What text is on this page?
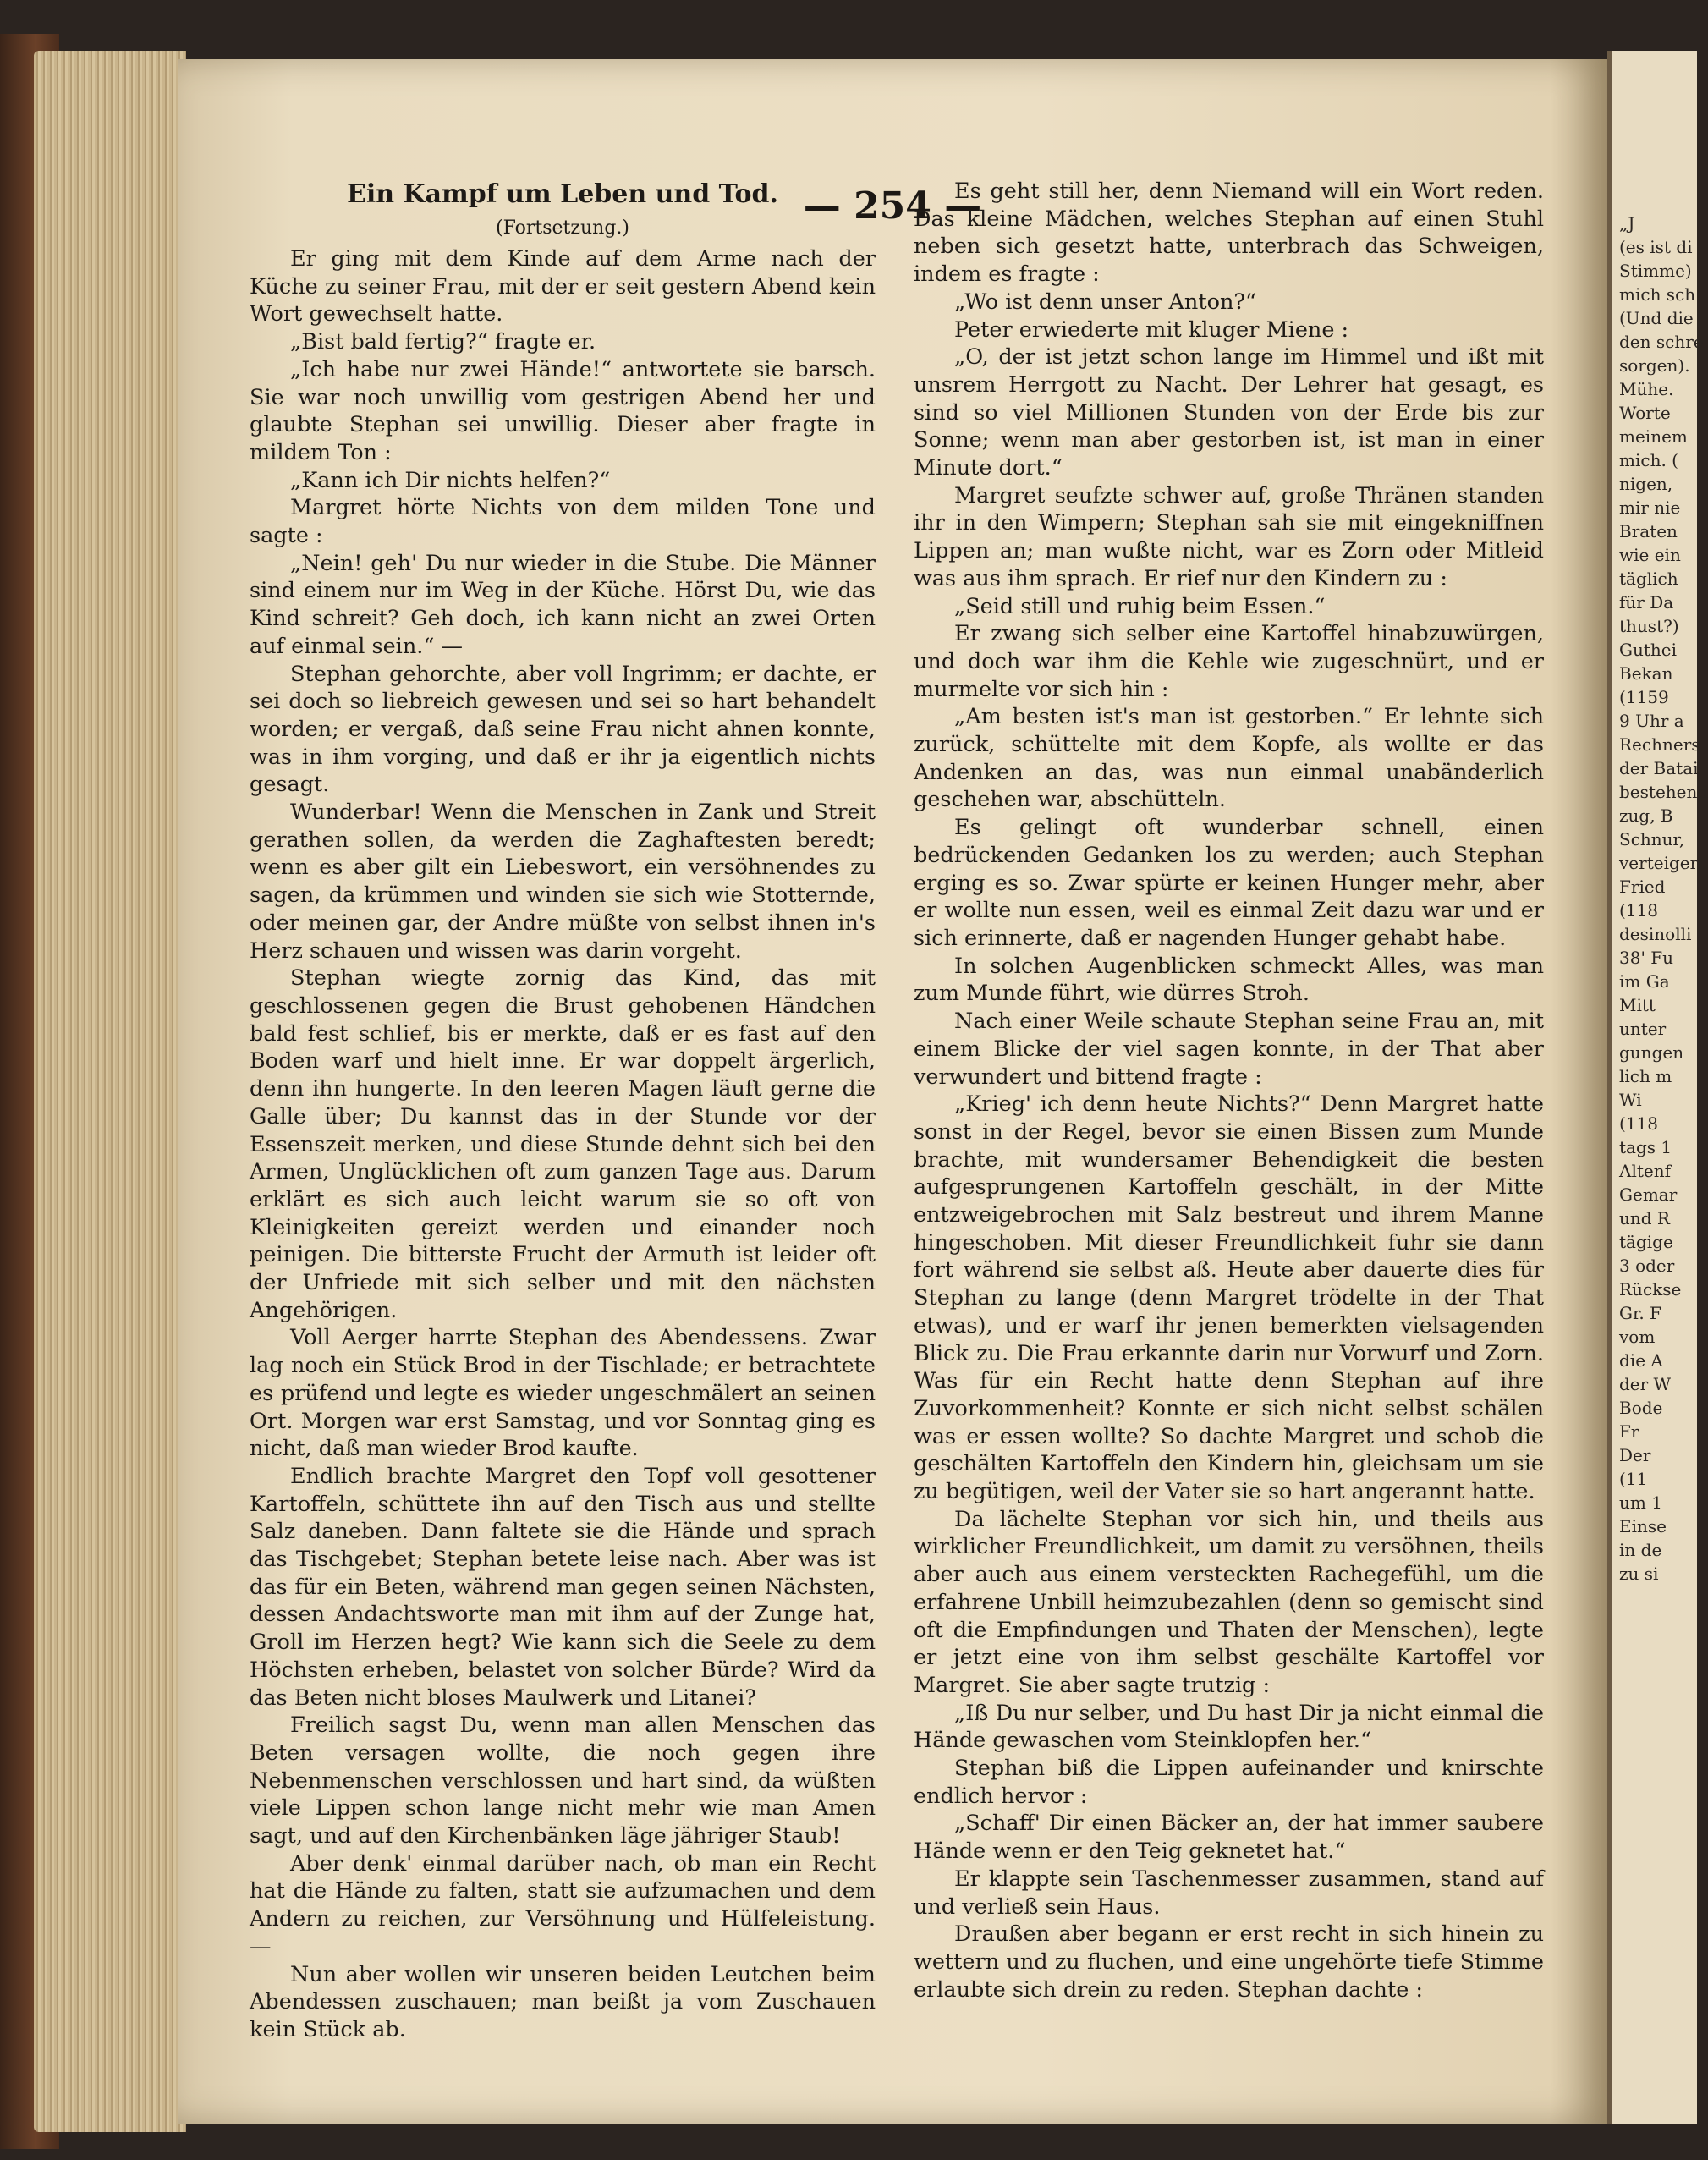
— 254 —
Ein Kampf um Leben und Tod.
(Fortsetzung.)

Er ging mit dem Kinde auf dem Arme nach der Küche zu seiner Frau, mit der er seit gestern Abend kein Wort gewechselt hatte.

„Bist bald fertig?“ fragte er.

„Ich habe nur zwei Hände!“ antwortete sie barsch. Sie war noch unwillig vom gestrigen Abend her und glaubte Stephan sei unwillig. Dieser aber fragte in mildem Ton :

„Kann ich Dir nichts helfen?“

Margret hörte Nichts von dem milden Tone und sagte :

„Nein! geh' Du nur wieder in die Stube. Die Männer sind einem nur im Weg in der Küche. Hörst Du, wie das Kind schreit? Geh doch, ich kann nicht an zwei Orten auf einmal sein.“ —

Stephan gehorchte, aber voll Ingrimm; er dachte, er sei doch so liebreich gewesen und sei so hart behandelt worden; er vergaß, daß seine Frau nicht ahnen konnte, was in ihm vorging, und daß er ihr ja eigentlich nichts gesagt.

Wunderbar! Wenn die Menschen in Zank und Streit gerathen sollen, da werden die Zaghaftesten beredt; wenn es aber gilt ein Liebeswort, ein versöhnendes zu sagen, da krümmen und winden sie sich wie Stotternde, oder meinen gar, der Andre müßte von selbst ihnen in's Herz schauen und wissen was darin vorgeht.

Stephan wiegte zornig das Kind, das mit geschlossenen gegen die Brust gehobenen Händchen bald fest schlief, bis er merkte, daß er es fast auf den Boden warf und hielt inne. Er war doppelt ärgerlich, denn ihn hungerte. In den leeren Magen läuft gerne die Galle über; Du kannst das in der Stunde vor der Essenszeit merken, und diese Stunde dehnt sich bei den Armen, Unglücklichen oft zum ganzen Tage aus. Darum erklärt es sich auch leicht warum sie so oft von Kleinigkeiten gereizt werden und einander noch peinigen. Die bitterste Frucht der Armuth ist leider oft der Unfriede mit sich selber und mit den nächsten Angehörigen.

Voll Aerger harrte Stephan des Abendessens. Zwar lag noch ein Stück Brod in der Tischlade; er betrachtete es prüfend und legte es wieder ungeschmälert an seinen Ort. Morgen war erst Samstag, und vor Sonntag ging es nicht, daß man wieder Brod kaufte.

Endlich brachte Margret den Topf voll gesottener Kartoffeln, schüttete ihn auf den Tisch aus und stellte Salz daneben. Dann faltete sie die Hände und sprach das Tischgebet; Stephan betete leise nach. Aber was ist das für ein Beten, während man gegen seinen Nächsten, dessen Andachtsworte man mit ihm auf der Zunge hat, Groll im Herzen hegt? Wie kann sich die Seele zu dem Höchsten erheben, belastet von solcher Bürde? Wird da das Beten nicht bloses Maulwerk und Litanei?

Freilich sagst Du, wenn man allen Menschen das Beten versagen wollte, die noch gegen ihre Nebenmenschen verschlossen und hart sind, da wüßten viele Lippen schon lange nicht mehr wie man Amen sagt, und auf den Kirchenbänken läge jähriger Staub!

Aber denk' einmal darüber nach, ob man ein Recht hat die Hände zu falten, statt sie aufzumachen und dem Andern zu reichen, zur Versöhnung und Hülfeleistung. —

Nun aber wollen wir unseren beiden Leutchen beim Abendessen zuschauen; man beißt ja vom Zuschauen kein Stück ab.

Es geht still her, denn Niemand will ein Wort reden. Das kleine Mädchen, welches Stephan auf einen Stuhl neben sich gesetzt hatte, unterbrach das Schweigen, indem es fragte :

„Wo ist denn unser Anton?“

Peter erwiederte mit kluger Miene :

„O, der ist jetzt schon lange im Himmel und ißt mit unsrem Herrgott zu Nacht. Der Lehrer hat gesagt, es sind so viel Millionen Stunden von der Erde bis zur Sonne; wenn man aber gestorben ist, ist man in einer Minute dort.“

Margret seufzte schwer auf, große Thränen standen ihr in den Wimpern; Stephan sah sie mit eingekniffnen Lippen an; man wußte nicht, war es Zorn oder Mitleid was aus ihm sprach. Er rief nur den Kindern zu :

„Seid still und ruhig beim Essen.“

Er zwang sich selber eine Kartoffel hinabzuwürgen, und doch war ihm die Kehle wie zugeschnürt, und er murmelte vor sich hin :

„Am besten ist's man ist gestorben.“ Er lehnte sich zurück, schüttelte mit dem Kopfe, als wollte er das Andenken an das, was nun einmal unabänderlich geschehen war, abschütteln.

Es gelingt oft wunderbar schnell, einen bedrückenden Gedanken los zu werden; auch Stephan erging es so. Zwar spürte er keinen Hunger mehr, aber er wollte nun essen, weil es einmal Zeit dazu war und er sich erinnerte, daß er nagenden Hunger gehabt habe.

In solchen Augenblicken schmeckt Alles, was man zum Munde führt, wie dürres Stroh.

Nach einer Weile schaute Stephan seine Frau an, mit einem Blicke der viel sagen konnte, in der That aber verwundert und bittend fragte :

„Krieg' ich denn heute Nichts?“ Denn Margret hatte sonst in der Regel, bevor sie einen Bissen zum Munde brachte, mit wundersamer Behendigkeit die besten aufgesprungenen Kartoffeln geschält, in der Mitte entzweigebrochen mit Salz bestreut und ihrem Manne hingeschoben. Mit dieser Freundlichkeit fuhr sie dann fort während sie selbst aß. Heute aber dauerte dies für Stephan zu lange (denn Margret trödelte in der That etwas), und er warf ihr jenen bemerkten vielsagenden Blick zu. Die Frau erkannte darin nur Vorwurf und Zorn. Was für ein Recht hatte denn Stephan auf ihre Zuvorkommenheit? Konnte er sich nicht selbst schälen was er essen wollte? So dachte Margret und schob die geschälten Kartoffeln den Kindern hin, gleichsam um sie zu begütigen, weil der Vater sie so hart angerannt hatte.

Da lächelte Stephan vor sich hin, und theils aus wirklicher Freundlichkeit, um damit zu versöhnen, theils aber auch aus einem versteckten Rachegefühl, um die erfahrene Unbill heimzubezahlen (denn so gemischt sind oft die Empfindungen und Thaten der Menschen), legte er jetzt eine von ihm selbst geschälte Kartoffel vor Margret. Sie aber sagte trutzig :

„Iß Du nur selber, und Du hast Dir ja nicht einmal die Hände gewaschen vom Steinklopfen her.“

Stephan biß die Lippen aufeinander und knirschte endlich hervor :

„Schaff' Dir einen Bäcker an, der hat immer saubere Hände wenn er den Teig geknetet hat.“

Er klappte sein Taschenmesser zusammen, stand auf und verließ sein Haus.

Draußen aber begann er erst recht in sich hinein zu wettern und zu fluchen, und eine ungehörte tiefe Stimme erlaubte sich drein zu reden. Stephan dachte :

„J
(es ist di
Stimme)
mich sch
(Und die
den schre
sorgen).
Mühe.
Worte
meinem
mich. (
nigen,
mir nie
Braten
wie ein
täglich
für Da
thust?)
Guthei
Bekan
(1159
9 Uhr a
Rechners
der Batai
bestehend
zug, B
Schnur,
verteigert
Fried
(118
desinolli
38' Fu
im Ga
Mitt
unter
gungen
lich m
Wi
(118
tags 1
Altenf
Gemar
und R
tägige
3 oder
Rückse
Gr. F
vom
die A
der W
Bode
Fr
Der
(11
um 1
Einse
in de
zu si
